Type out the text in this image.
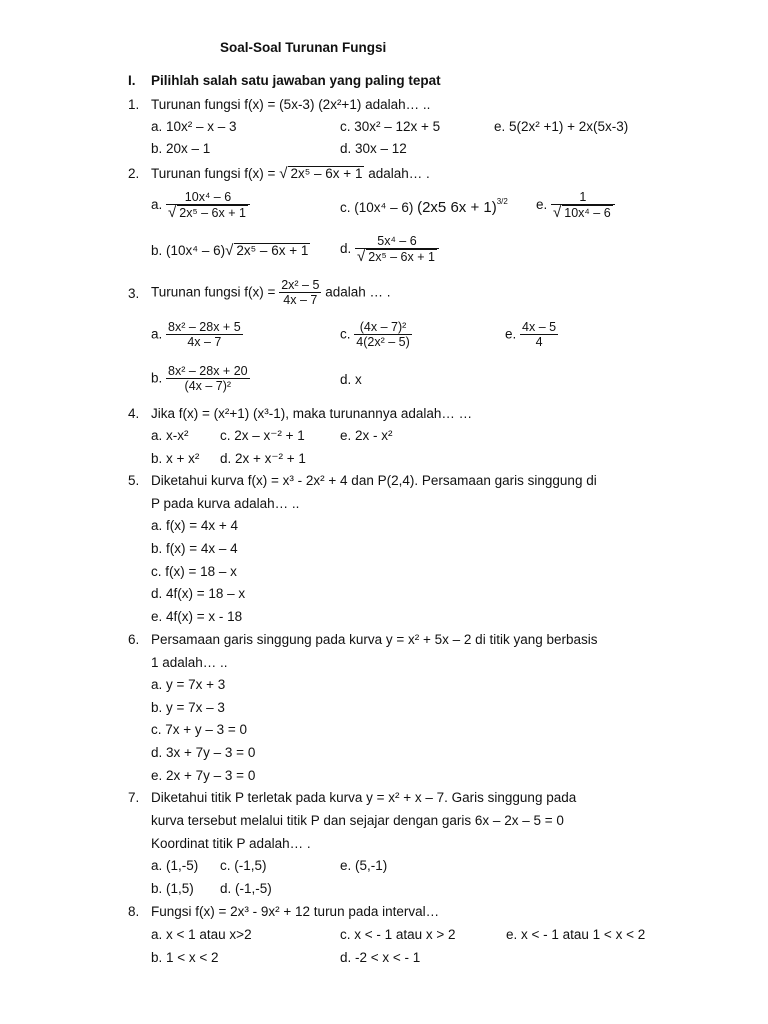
Soal-Soal Turunan Fungsi
I. Pilihlah salah satu jawaban yang paling tepat
1. Turunan fungsi f(x) = (5x-3) (2x²+1) adalah… ..
a. 10x² – x – 3	c. 30x² – 12x + 5	e. 5(2x² +1) + 2x(5x-3)
b. 20x – 1	d. 30x – 12
2. Turunan fungsi f(x) = √ 2x⁵ – 6x + 1 adalah… .
a. $\frac{\text{10x⁴ – 6}}{\text{√ 2x⁵ – 6x + 1}}$	c. (10x⁴ – 6) (2x5 6x + 1)$^{3/2}$ e. $\frac{1}{\text{√ 10x⁴ – 6}}$
b. (10x⁴ – 6)√ 2x⁵ – 6x + 1 d. $\frac{\text{5x⁴ – 6}}{\text{√ 2x⁵ – 6x + 1}}$
3. Turunan fungsi $f(x) = \frac{\text{2x² – 5}}{4x - 7}$ adalah … .
a. $\frac{\text{8x² – 28x + 5}}{4x - 7}$	c. $\frac{\text{(4x – 7)²}}{\text{4(2x² – 5)}}$	e. $\frac{4x - 5}{4}$
b. $\frac{\text{8x² – 28x + 20}}{\text{(4x – 7)²}}$	d. x
4. Jika f(x) = (x²+1) (x³-1), maka turunannya adalah… …
a. x-x² c. 2x – x⁻² + 1	e. 2x - x²
b. x + x² d. 2x + x⁻² + 1
5. Diketahui kurva f(x) = x³ - 2x² + 4 dan P(2,4). Persamaan garis singgung di
P pada kurva adalah… ..
a. f(x) = 4x + 4
b. f(x) = 4x – 4
c. f(x) = 18 – x
d. 4f(x) = 18 – x
e. 4f(x) = x - 18
6. Persamaan garis singgung pada kurva y = x² + 5x – 2 di titik yang berbasis
1 adalah… ..
a. y = 7x + 3
b. y = 7x – 3
c. 7x + y – 3 = 0
d. 3x + 7y – 3 = 0
e. 2x + 7y – 3 = 0
7. Diketahui titik P terletak pada kurva y = x² + x – 7. Garis singgung pada
kurva tersebut melalui titik P dan sejajar dengan garis 6x – 2x – 5 = 0
Koordinat titik P adalah… .
a. (1,-5) c. (-1,5)	e. (5,-1)
b. (1,5) d. (-1,-5)
8. Fungsi f(x) = 2x³ - 9x² + 12 turun pada interval…
a. x < 1 atau x>2	c. x < - 1 atau x > 2	e. x < - 1 atau 1 < x < 2
b. 1 < x < 2	d. -2 < x < - 1
